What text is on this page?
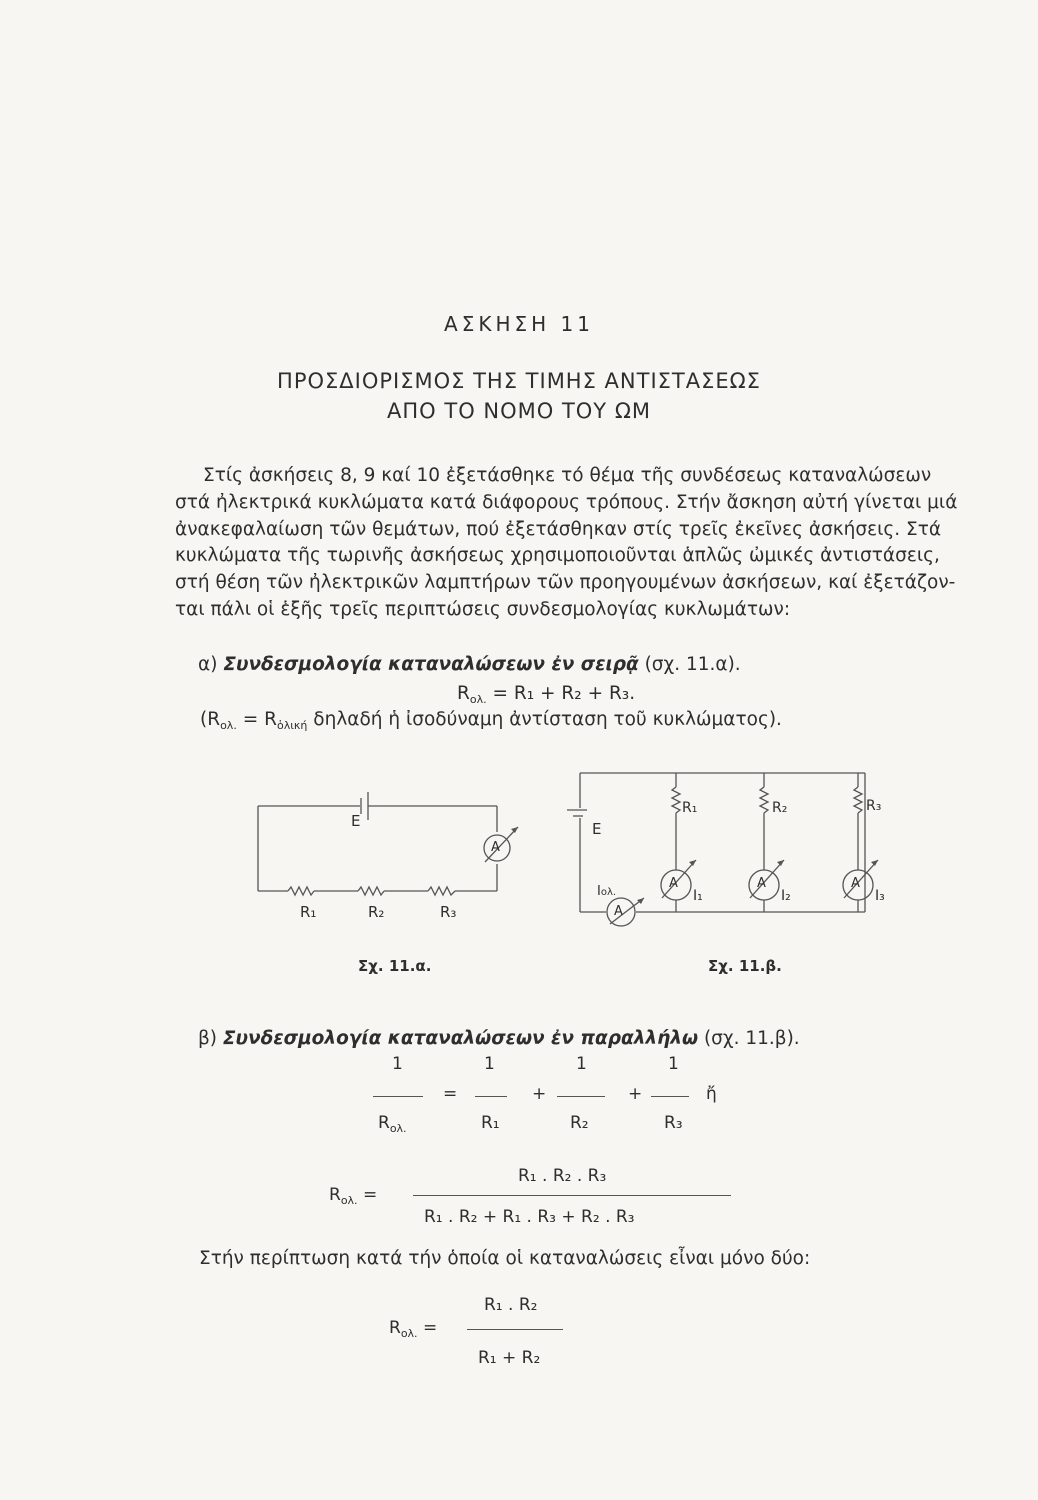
ΑΣΚΗΣΗ 11
ΠΡΟΣΔΙΟΡΙΣΜΟΣ ΤΗΣ ΤΙΜΗΣ ΑΝΤΙΣΤΑΣΕΩΣ
ΑΠΟ ΤΟ ΝΟΜΟ ΤΟΥ ΩΜ
Στίς ἀσκήσεις 8, 9 καί 10 ἐξετάσθηκε τό θέμα τῆς συνδέσεως καταναλώσεων
στά ἠλεκτρικά κυκλώματα κατά διάφορους τρόπους. Στήν ἄσκηση αὐτή γίνεται μιά
ἀνακεφαλαίωση τῶν θεμάτων, πού ἐξετάσθηκαν στίς τρεῖς ἐκεῖνες ἀσκήσεις. Στά
κυκλώματα τῆς τωρινῆς ἀσκήσεως χρησιμοποιοῦνται ἁπλῶς ὠμικές ἀντιστάσεις,
στή θέση τῶν ἠλεκτρικῶν λαμπτήρων τῶν προηγουμένων ἀσκήσεων, καί ἐξετάζον-
ται πάλι οἱ ἑξῆς τρεῖς περιπτώσεις συνδεσμολογίας κυκλωμάτων:
α) Συνδεσμολογία καταναλώσεων ἐν σειρᾷ (σχ. 11.α).
$R_{o\lambda.} = R_1 + R_2 + R_3$.
($R_{o\lambda.} = R_{ὁ\lambda\iota\kappa ή}$ δηλαδή ἡ ἰσοδύναμη ἀντίσταση τοῦ κυκλώματος).
E
A
R₁	R₂	R₃
Σχ. 11.α.
E
R₁	R₂	R₃
A	A	A
A
Iολ.	I₁	I₂	I₃
Σχ. 11.β.
β) Συνδεσμολογία καταναλώσεων ἐν παραλλήλω (σχ. 11.β).
1
$R_{o\lambda.}$
=
1
R₁
+
1
R₂
+
1
R₃
ἤ
$R_{o\lambda.}$ =
R₁ . R₂ . R₃
R₁ . R₂ + R₁ . R₃ + R₂ . R₃
Στήν περίπτωση κατά τήν ὁποία οἱ καταναλώσεις εἶναι μόνο δύο:
R₁ . R₂
$R_{o\lambda.}$ =
R₁ + R₂
